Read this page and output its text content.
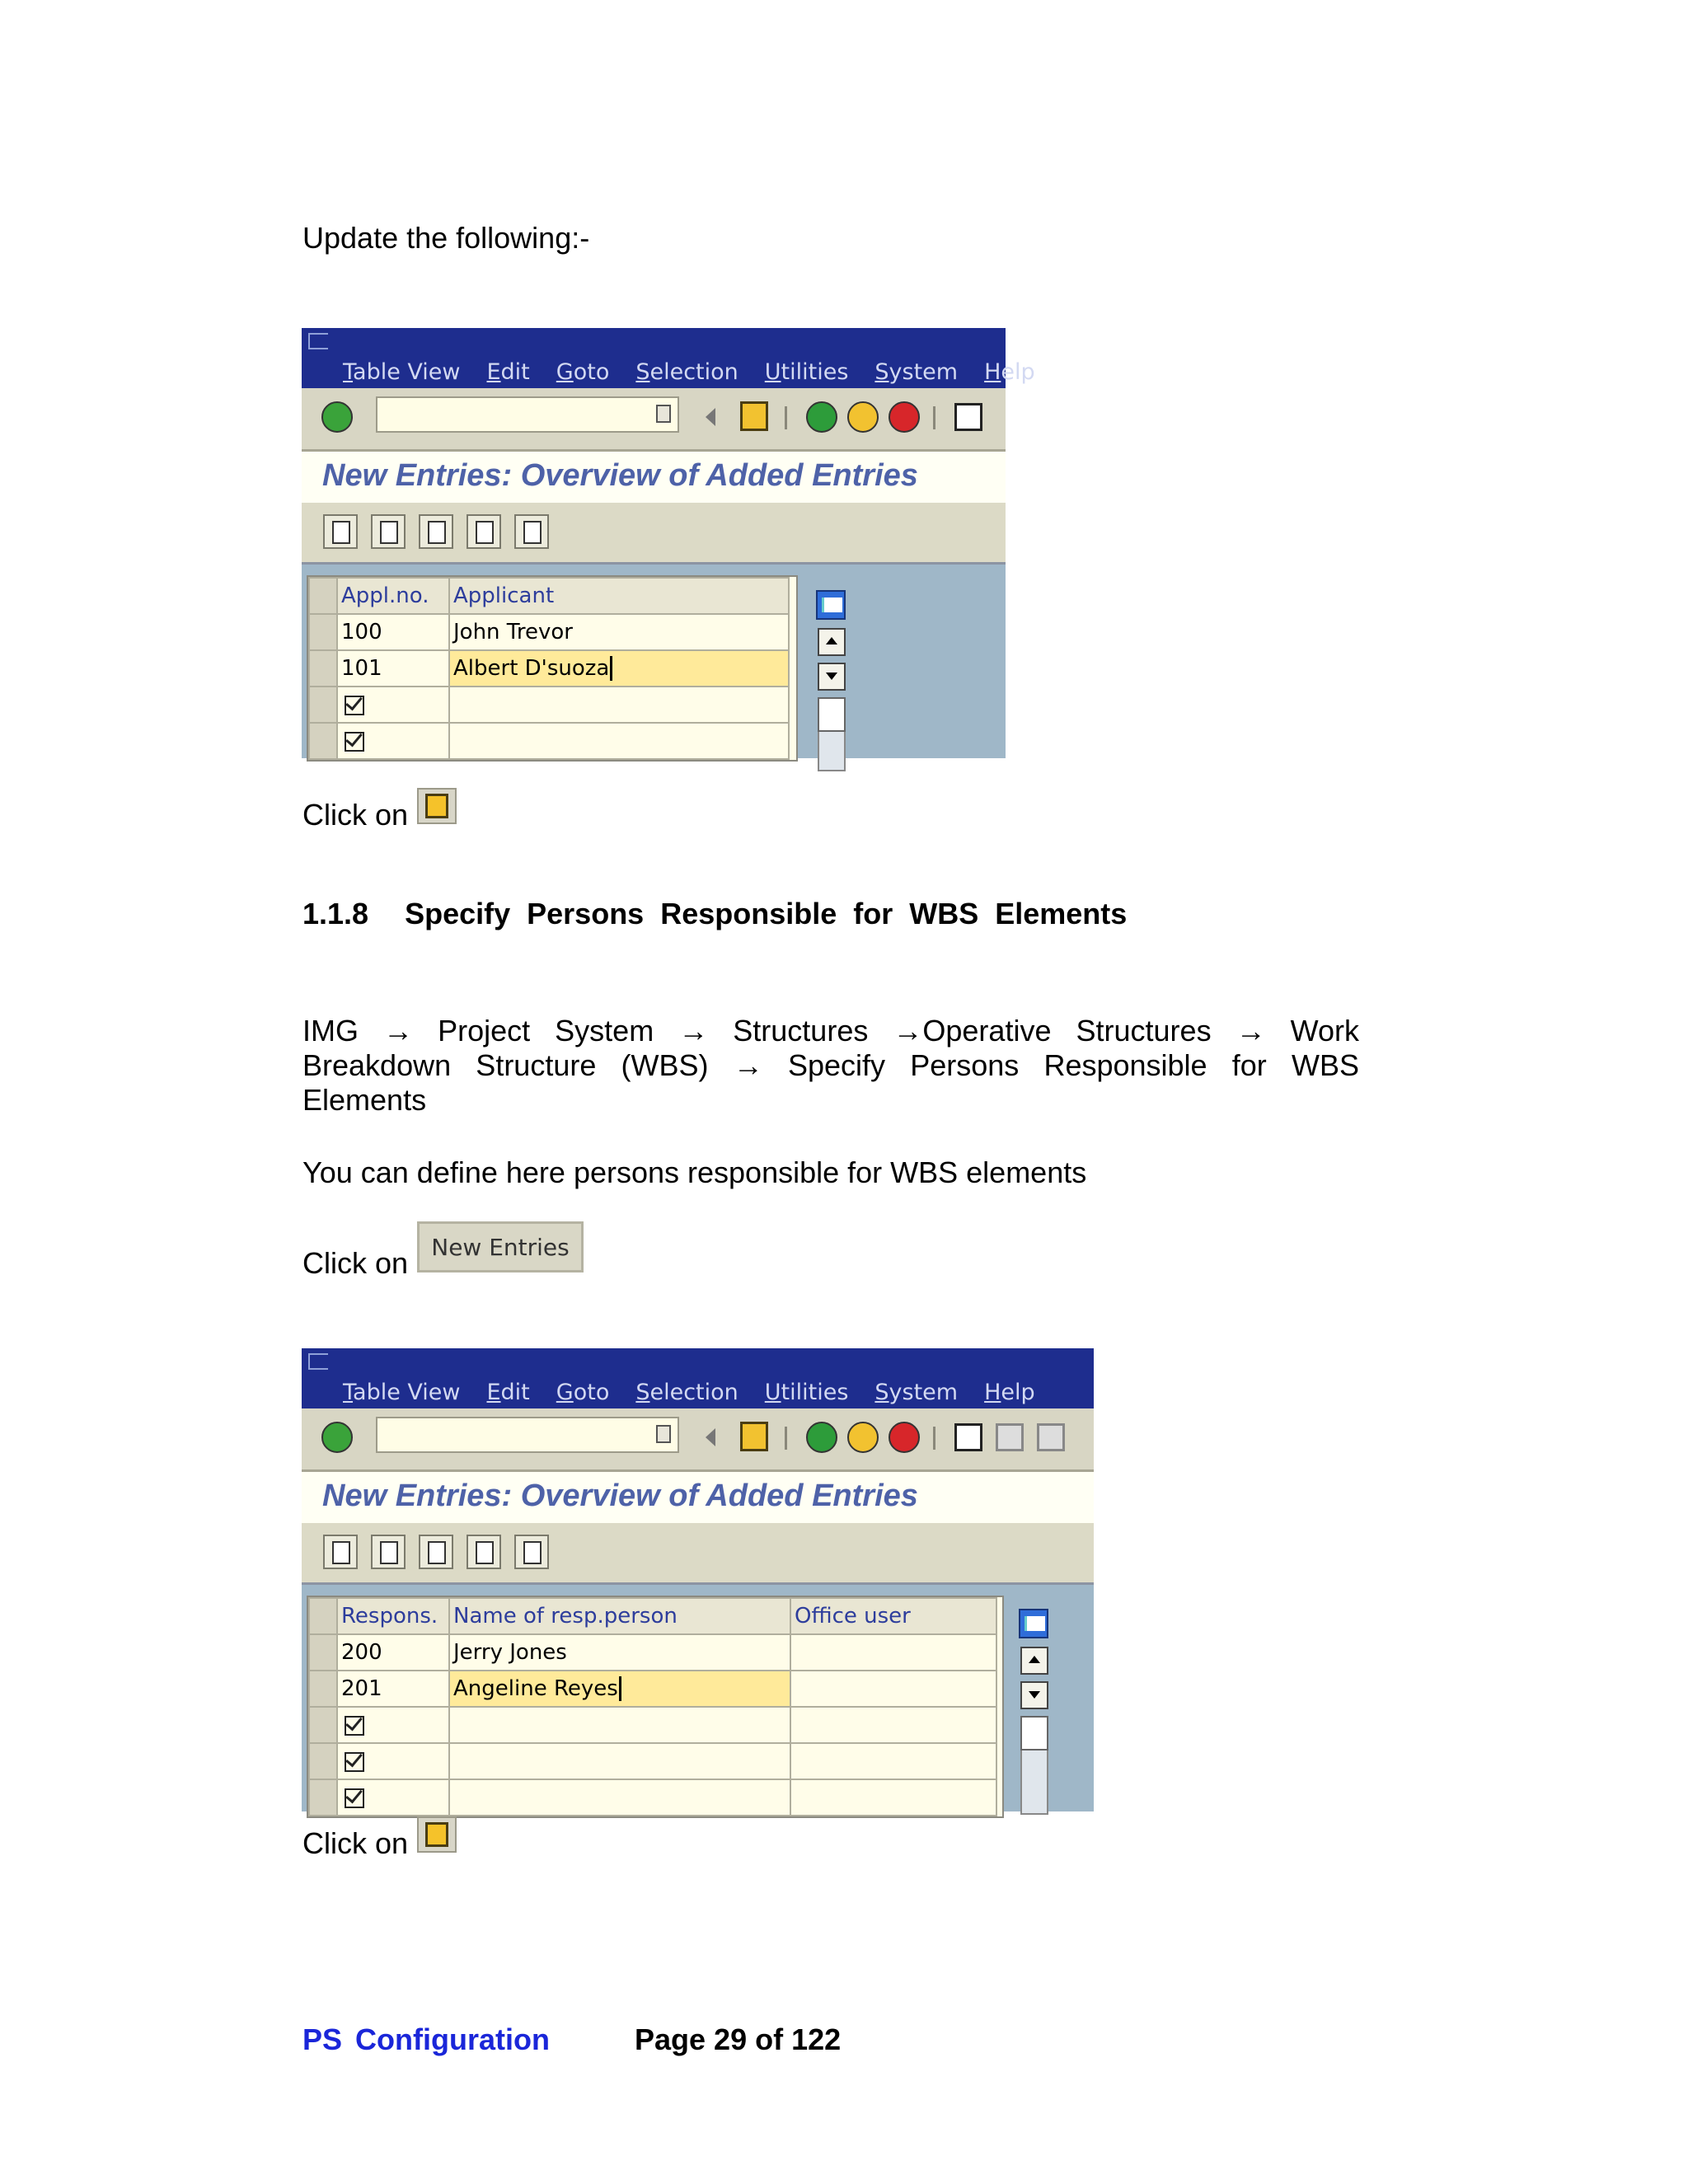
Update the following:-
Table View Edit Goto Selection Utilities System Help
New Entries: Overview of Added Entries
	Appl.no.	Applicant
	100	John Trevor
	101	Albert D'suoza

Click on
1.1.8 Specify Persons Responsible for WBS Elements
IMG → Project System → Structures →Operative Structures → Work Breakdown Structure (WBS) → Specify Persons Responsible for WBS
Elements
You can define here persons responsible for WBS elements
Click on	New Entries
Table View Edit Goto Selection Utilities System Help
New Entries: Overview of Added Entries
	Respons.	Name of resp.person	Office user
	200	Jerry Jones	
	201	Angeline Reyes	

Click on
PS Configuration	Page 29 of 122
